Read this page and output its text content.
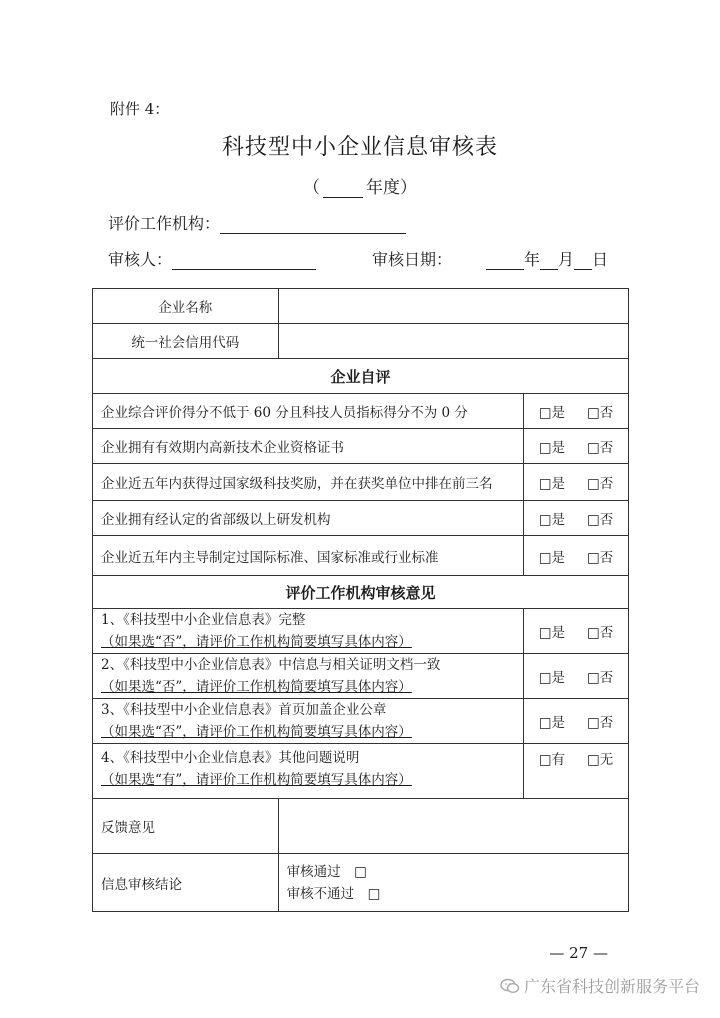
附件 4：
科技型中小企业信息审核表
（	年度）
评价工作机构：
审核人：	审核日期：	年 月 日
企业名称		
统一社会信用代码		
企业自评		
企业综合评价得分不低于 60 分且科技人员指标得分不为 0 分		□是 □否
企业拥有有效期内高新技术企业资格证书		□是 □否
企业近五年内获得过国家级科技奖励，并在获奖单位中排在前三名		□是 □否
企业拥有经认定的省部级以上研发机构		□是 □否
企业近五年内主导制定过国际标准、国家标准或行业标准		□是 □否
评价工作机构审核意见		
1、《科技型中小企业信息表》完整
（如果选“否”，请评价工作机构简要填写具体内容）		□是 □否
2、《科技型中小企业信息表》中信息与相关证明文档一致
（如果选“否”，请评价工作机构简要填写具体内容）		□是 □否
3、《科技型中小企业信息表》首页加盖企业公章
（如果选“否”，请评价工作机构简要填写具体内容）		□是 □否
4、《科技型中小企业信息表》其他问题说明
（如果选“有”，请评价工作机构简要填写具体内容）		□有 □无
反馈意见		
信息审核结论	审核通过　□
审核不通过　□	
— 27 —
广东省科技创新服务平台
